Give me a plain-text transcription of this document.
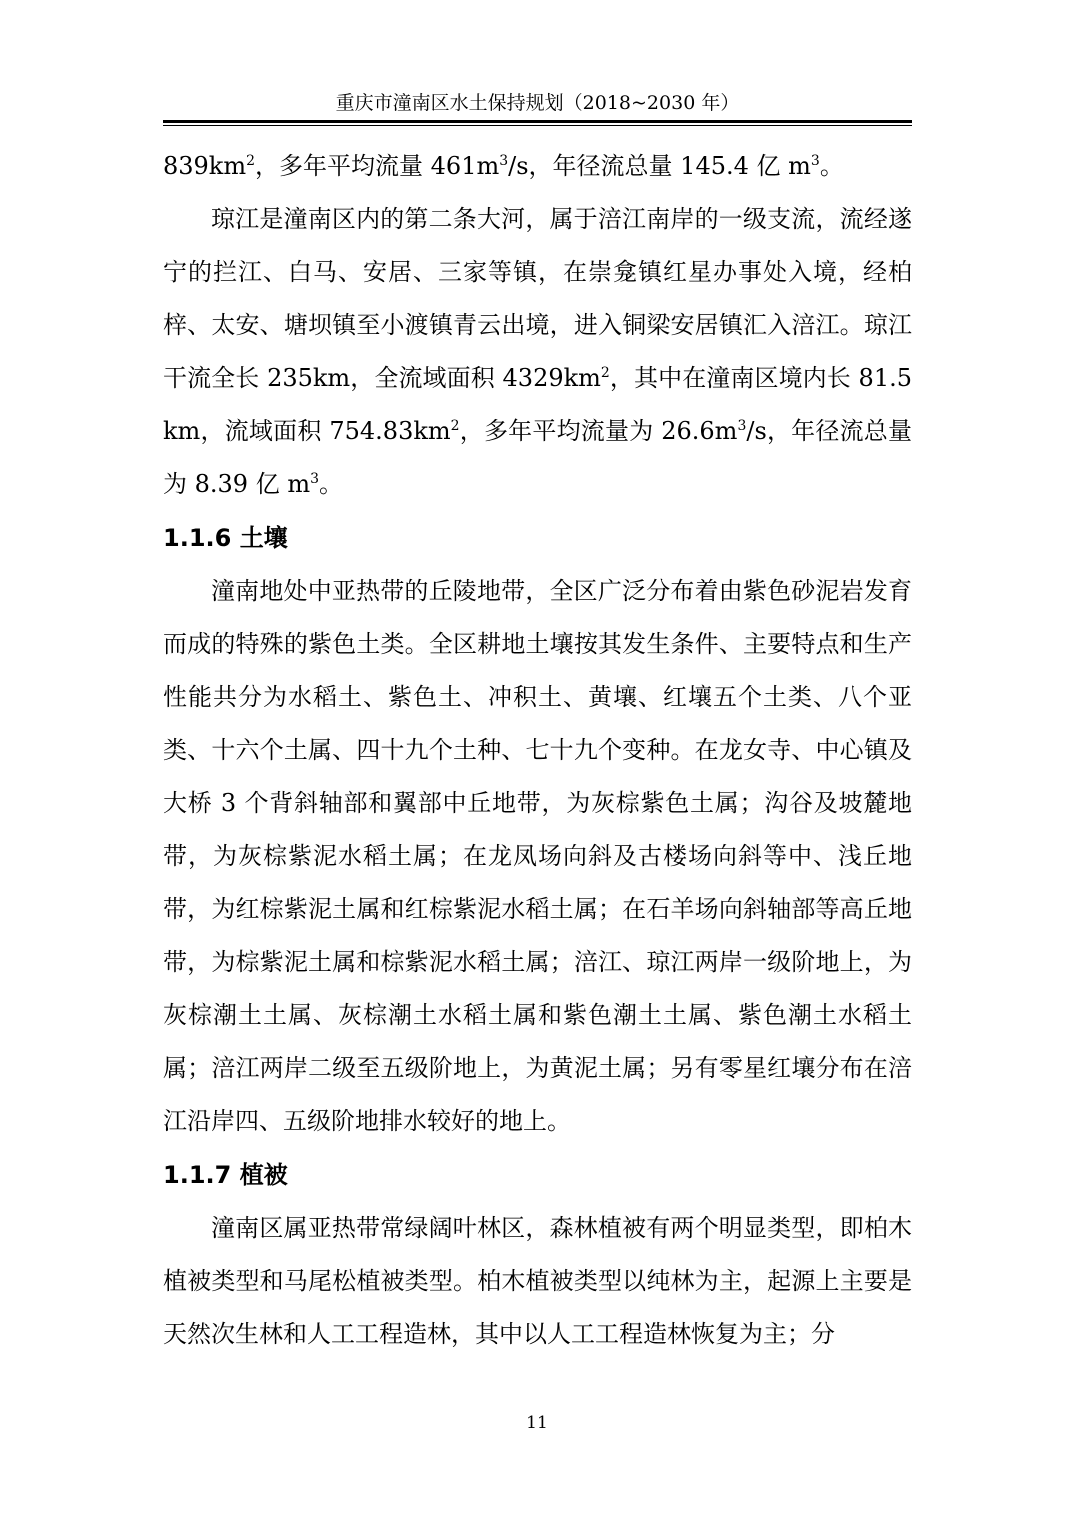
重庆市潼南区水土保持规划（2018~2030 年）

$839km^2$，多年平均流量 $461m^3/s$，年径流总量 145.4 亿 $m^3$。

琼江是潼南区内的第二条大河，属于涪江南岸的一级支流，流经遂宁的拦江、白马、安居、三家等镇，在崇龛镇红星办事处入境，经柏梓、太安、塘坝镇至小渡镇青云出境，进入铜梁安居镇汇入涪江。琼江干流全长 235km，全流域面积 $4329km^2$，其中在潼南区境内长 81.5km，流域面积 $754.83km^2$，多年平均流量为 $26.6m^3/s$，年径流总量为 8.39 亿 $m^3$。

1.1.6 土壤

潼南地处中亚热带的丘陵地带，全区广泛分布着由紫色砂泥岩发育而成的特殊的紫色土类。全区耕地土壤按其发生条件、主要特点和生产性能共分为水稻土、紫色土、冲积土、黄壤、红壤五个土类、八个亚类、十六个土属、四十九个土种、七十九个变种。在龙女寺、中心镇及大桥 3 个背斜轴部和翼部中丘地带，为灰棕紫色土属；沟谷及坡麓地带，为灰棕紫泥水稻土属；在龙凤场向斜及古楼场向斜等中、浅丘地带，为红棕紫泥土属和红棕紫泥水稻土属；在石羊场向斜轴部等高丘地带，为棕紫泥土属和棕紫泥水稻土属；涪江、琼江两岸一级阶地上，为灰棕潮土土属、灰棕潮土水稻土属和紫色潮土土属、紫色潮土水稻土属；涪江两岸二级至五级阶地上，为黄泥土属；另有零星红壤分布在涪江沿岸四、五级阶地排水较好的地上。

1.1.7 植被

潼南区属亚热带常绿阔叶林区，森林植被有两个明显类型，即柏木植被类型和马尾松植被类型。柏木植被类型以纯林为主，起源上主要是天然次生林和人工工程造林，其中以人工工程造林恢复为主；分

11
